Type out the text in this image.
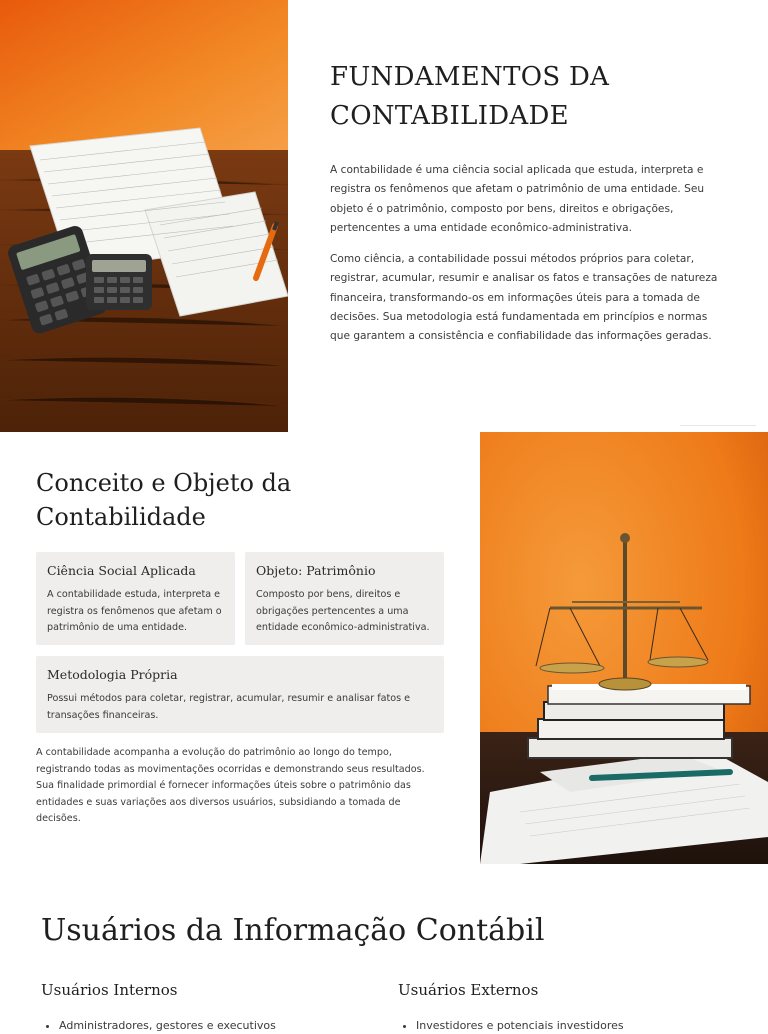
FUNDAMENTOS DA
CONTABILIDADE

A contabilidade é uma ciência social aplicada que estuda, interpreta e registra os fenômenos que afetam o patrimônio de uma entidade. Seu objeto é o patrimônio, composto por bens, direitos e obrigações, pertencentes a uma entidade econômico-administrativa.

Como ciência, a contabilidade possui métodos próprios para coletar, registrar, acumular, resumir e analisar os fatos e transações de natureza financeira, transformando-os em informações úteis para a tomada de decisões. Sua metodologia está fundamentada em princípios e normas que garantem a consistência e confiabilidade das informações geradas.

Conceito e Objeto da
Contabilidade
Ciência Social Aplicada

A contabilidade estuda, interpreta e registra os fenômenos que afetam o patrimônio de uma entidade.

Objeto: Patrimônio

Composto por bens, direitos e obrigações pertencentes a uma entidade econômico-administrativa.

Metodologia Própria

Possui métodos para coletar, registrar, acumular, resumir e analisar fatos e transações financeiras.

A contabilidade acompanha a evolução do patrimônio ao longo do tempo, registrando todas as movimentações ocorridas e demonstrando seus resultados. Sua finalidade primordial é fornecer informações úteis sobre o patrimônio das entidades e suas variações aos diversos usuários, subsidiando a tomada de decisões.

Usuários da Informação Contábil
Usuários Internos
• Administradores, gestores e executivos
Usuários Externos
• Investidores e potenciais investidores
